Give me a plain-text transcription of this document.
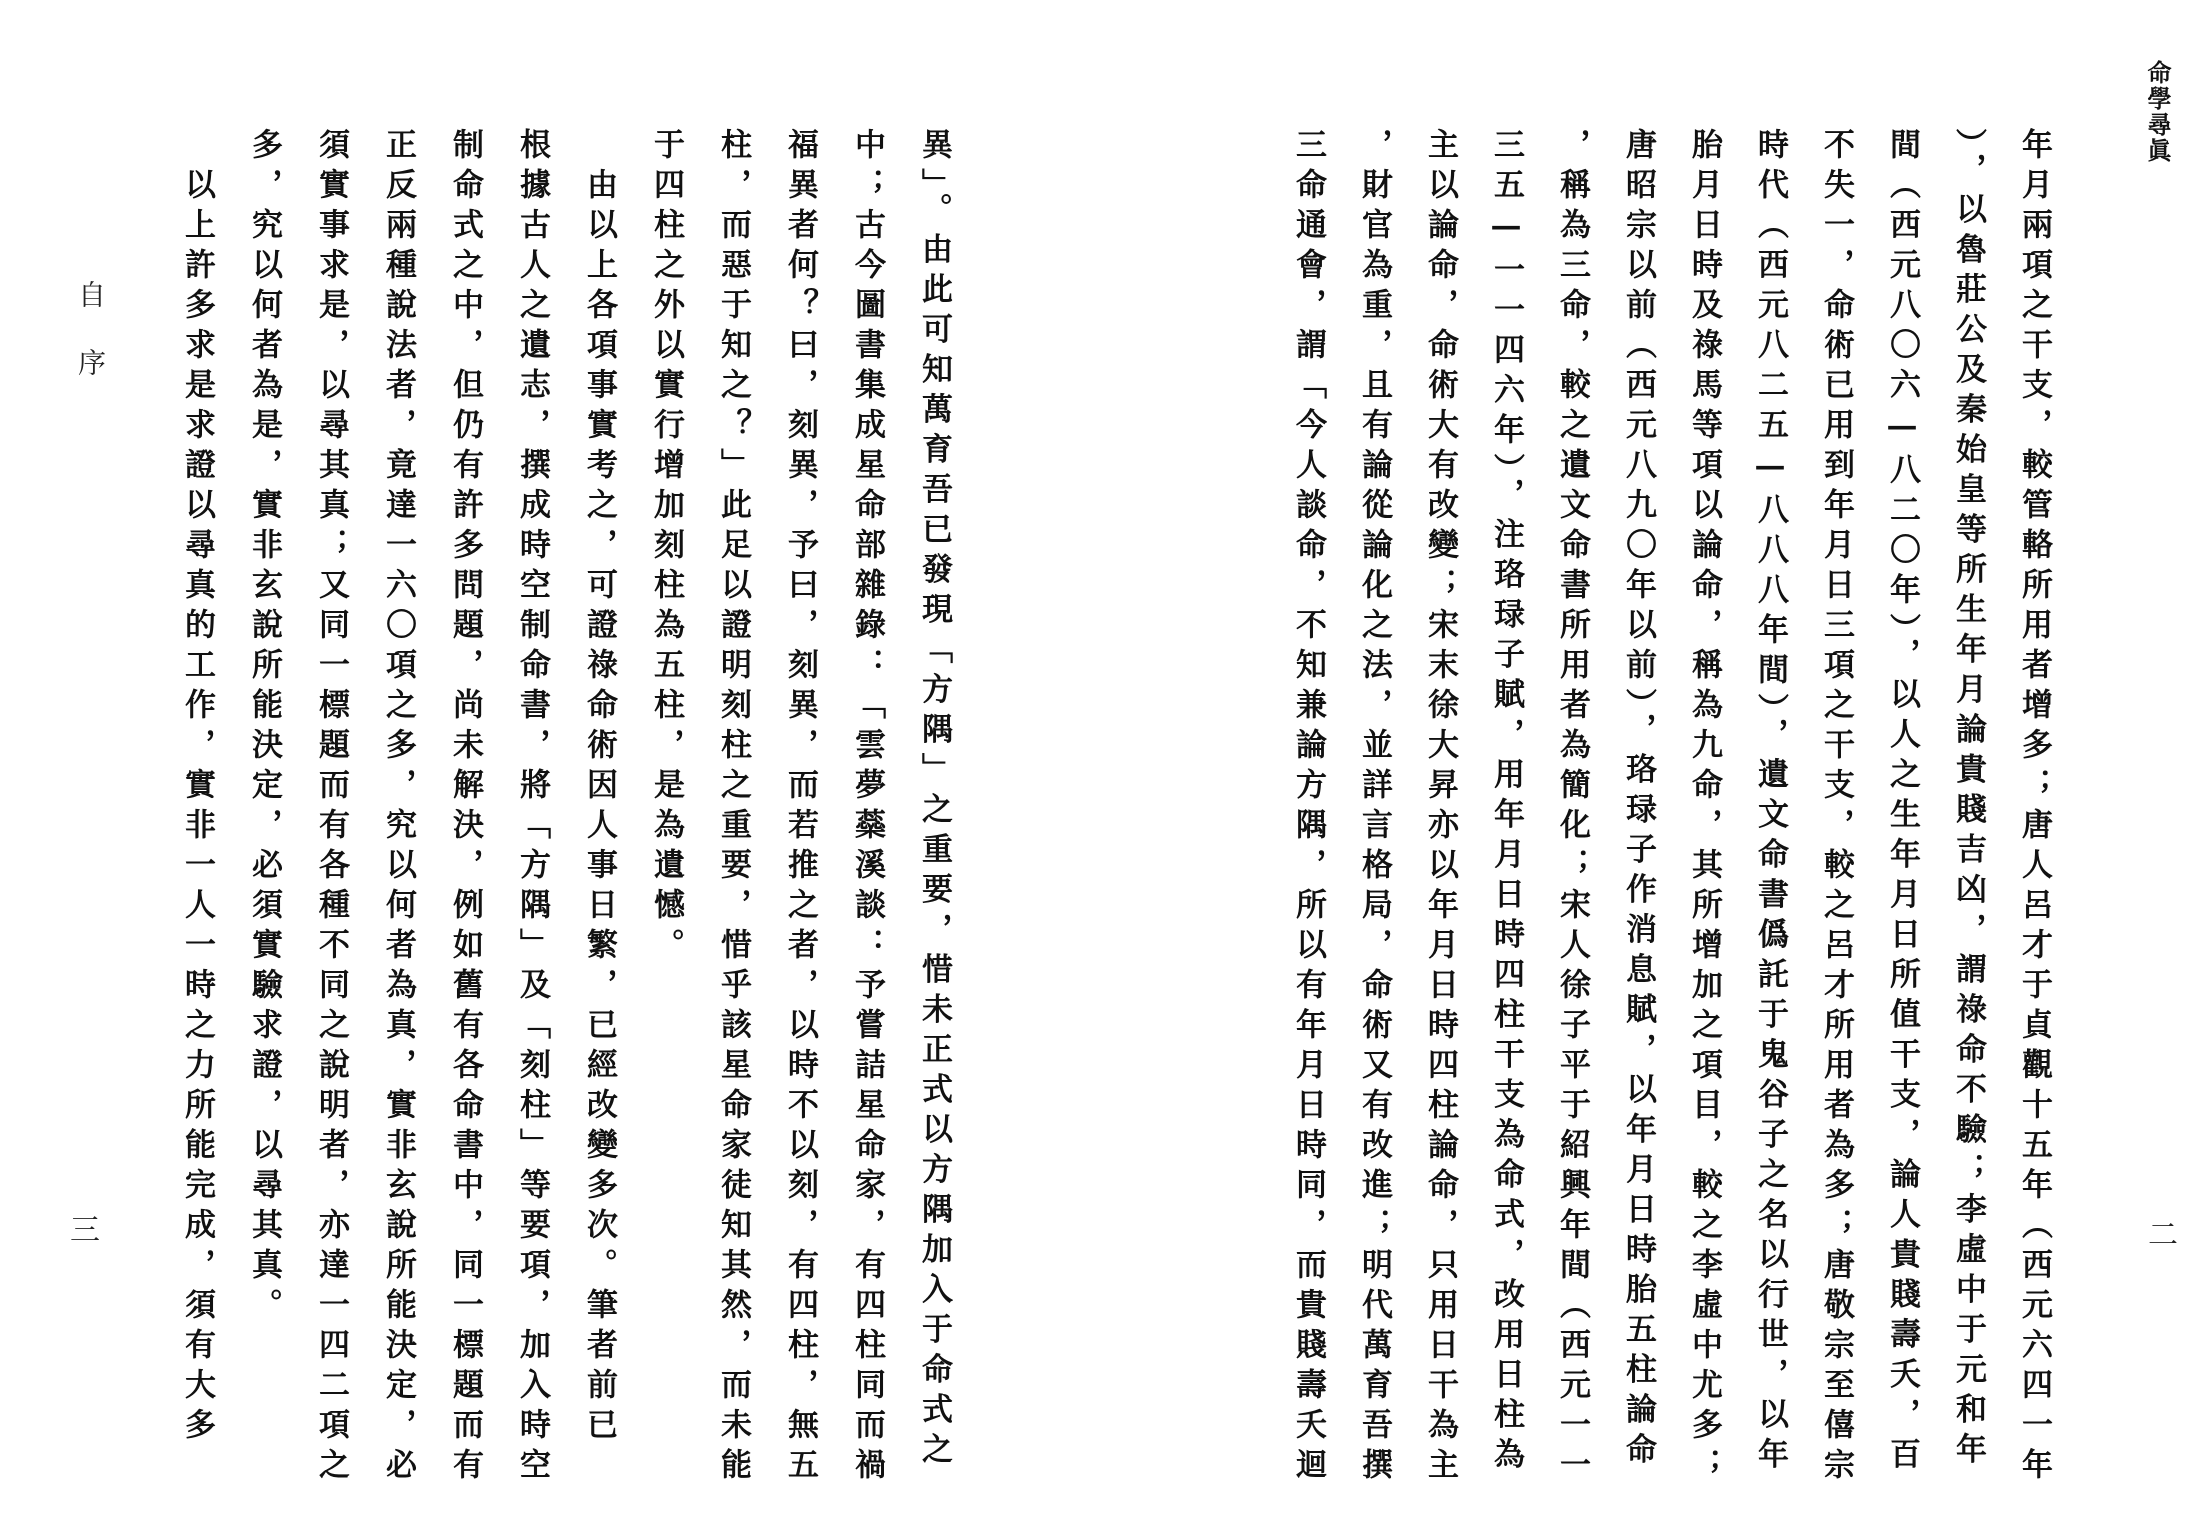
自序
三	異」。由此可知萬育吾已發現「方隅」之重要，惜未正式以方隅加入于命式之
中；古今圖書集成星命部雜錄：「雲夢蘂溪談：予嘗詰星命家，有四柱同而禍
福異者何？曰，刻異，予曰，刻異，而若推之者，以時不以刻，有四柱，無五
柱，而惡于知之？」此足以證明刻柱之重要，惜乎該星命家徒知其然，而未能
于四柱之外以實行增加刻柱為五柱，是為遺憾。
　由以上各項事實考之，可證祿命術因人事日繁，已經改變多次。筆者前已
根據古人之遺志，撰成時空制命書，將「方隅」及「刻柱」等要項，加入時空
制命式之中，但仍有許多問題，尚未解決，例如舊有各命書中，同一標題而有
正反兩種說法者，竟達一六〇項之多，究以何者為真，實非玄說所能決定，必
須實事求是，以尋其真；又同一標題而有各種不同之說明者，亦達一四二項之
多，究以何者為是，實非玄說所能決定，必須實驗求證，以尋其真。
　以上許多求是求證以尋真的工作，實非一人一時之力所能完成，須有大多
命學尋眞
二
年月兩項之干支，較管輅所用者增多；唐人呂才于貞觀十五年（西元六四一年
），以魯莊公及秦始皇等所生年月論貴賤吉凶，謂祿命不驗；李虛中于元和年
間（西元八〇六—八二〇年），以人之生年月日所值干支，論人貴賤壽夭，百
不失一，命術已用到年月日三項之干支，較之呂才所用者為多；唐敬宗至僖宗
時代（西元八二五—八八八年間），遺文命書僞託于鬼谷子之名以行世，以年
胎月日時及祿馬等項以論命，稱為九命，其所增加之項目，較之李虛中尤多；
唐昭宗以前（西元八九〇年以前），珞琭子作消息賦，以年月日時胎五柱論命
，稱為三命，較之遺文命書所用者為簡化；宋人徐子平于紹興年間（西元一一
三五—一一四六年），注珞琭子賦，用年月日時四柱干支為命式，改用日柱為
主以論命，命術大有改變；宋末徐大昇亦以年月日時四柱論命，只用日干為主
，財官為重，且有論從論化之法，並詳言格局，命術又有改進；明代萬育吾撰
三命通會，謂「今人談命，不知兼論方隅，所以有年月日時同，而貴賤壽夭迴
